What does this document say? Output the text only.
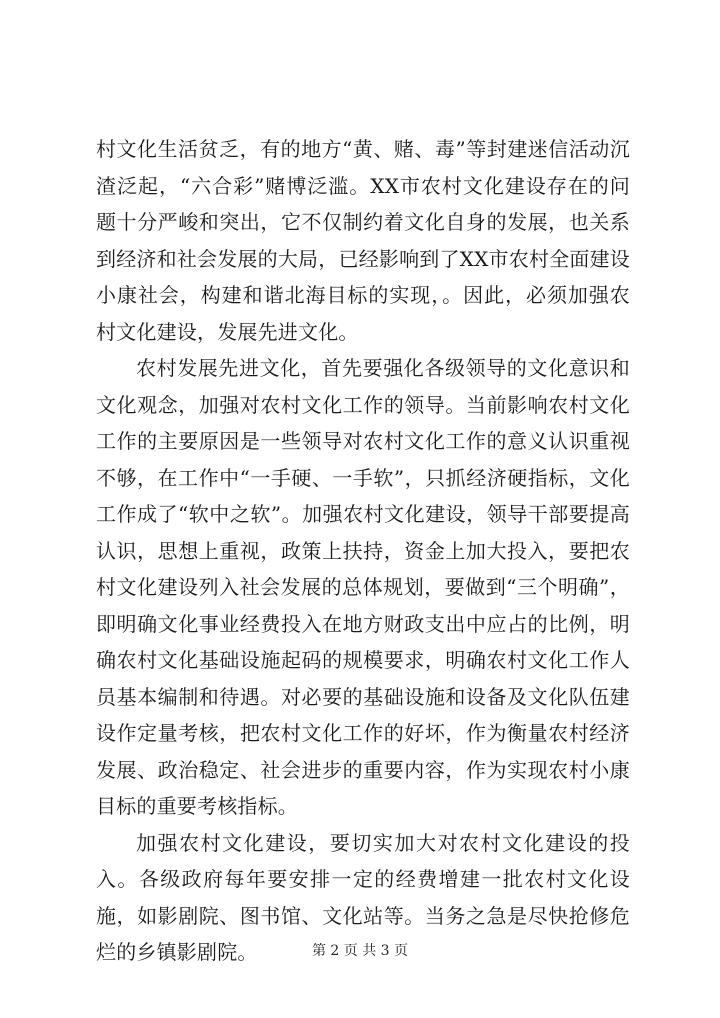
村文化生活贫乏，有的地方“黄、赌、毒”等封建迷信活动沉渣泛起，“六合彩”赌博泛滥。XX市农村文化建设存在的问题十分严峻和突出，它不仅制约着文化自身的发展，也关系到经济和社会发展的大局，已经影响到了XX市农村全面建设小康社会，构建和谐北海目标的实现，。因此，必须加强农村文化建设，发展先进文化。

农村发展先进文化，首先要强化各级领导的文化意识和文化观念，加强对农村文化工作的领导。当前影响农村文化工作的主要原因是一些领导对农村文化工作的意义认识重视不够，在工作中“一手硬、一手软”，只抓经济硬指标，文化工作成了“软中之软”。加强农村文化建设，领导干部要提高认识，思想上重视，政策上扶持，资金上加大投入，要把农村文化建设列入社会发展的总体规划，要做到“三个明确”，即明确文化事业经费投入在地方财政支出中应占的比例，明确农村文化基础设施起码的规模要求，明确农村文化工作人员基本编制和待遇。对必要的基础设施和设备及文化队伍建设作定量考核，把农村文化工作的好坏，作为衡量农村经济发展、政治稳定、社会进步的重要内容，作为实现农村小康目标的重要考核指标。

加强农村文化建设，要切实加大对农村文化建设的投入。各级政府每年要安排一定的经费增建一批农村文化设施，如影剧院、图书馆、文化站等。当务之急是尽快抢修危烂的乡镇影剧院。	第 2 页 共 3 页
